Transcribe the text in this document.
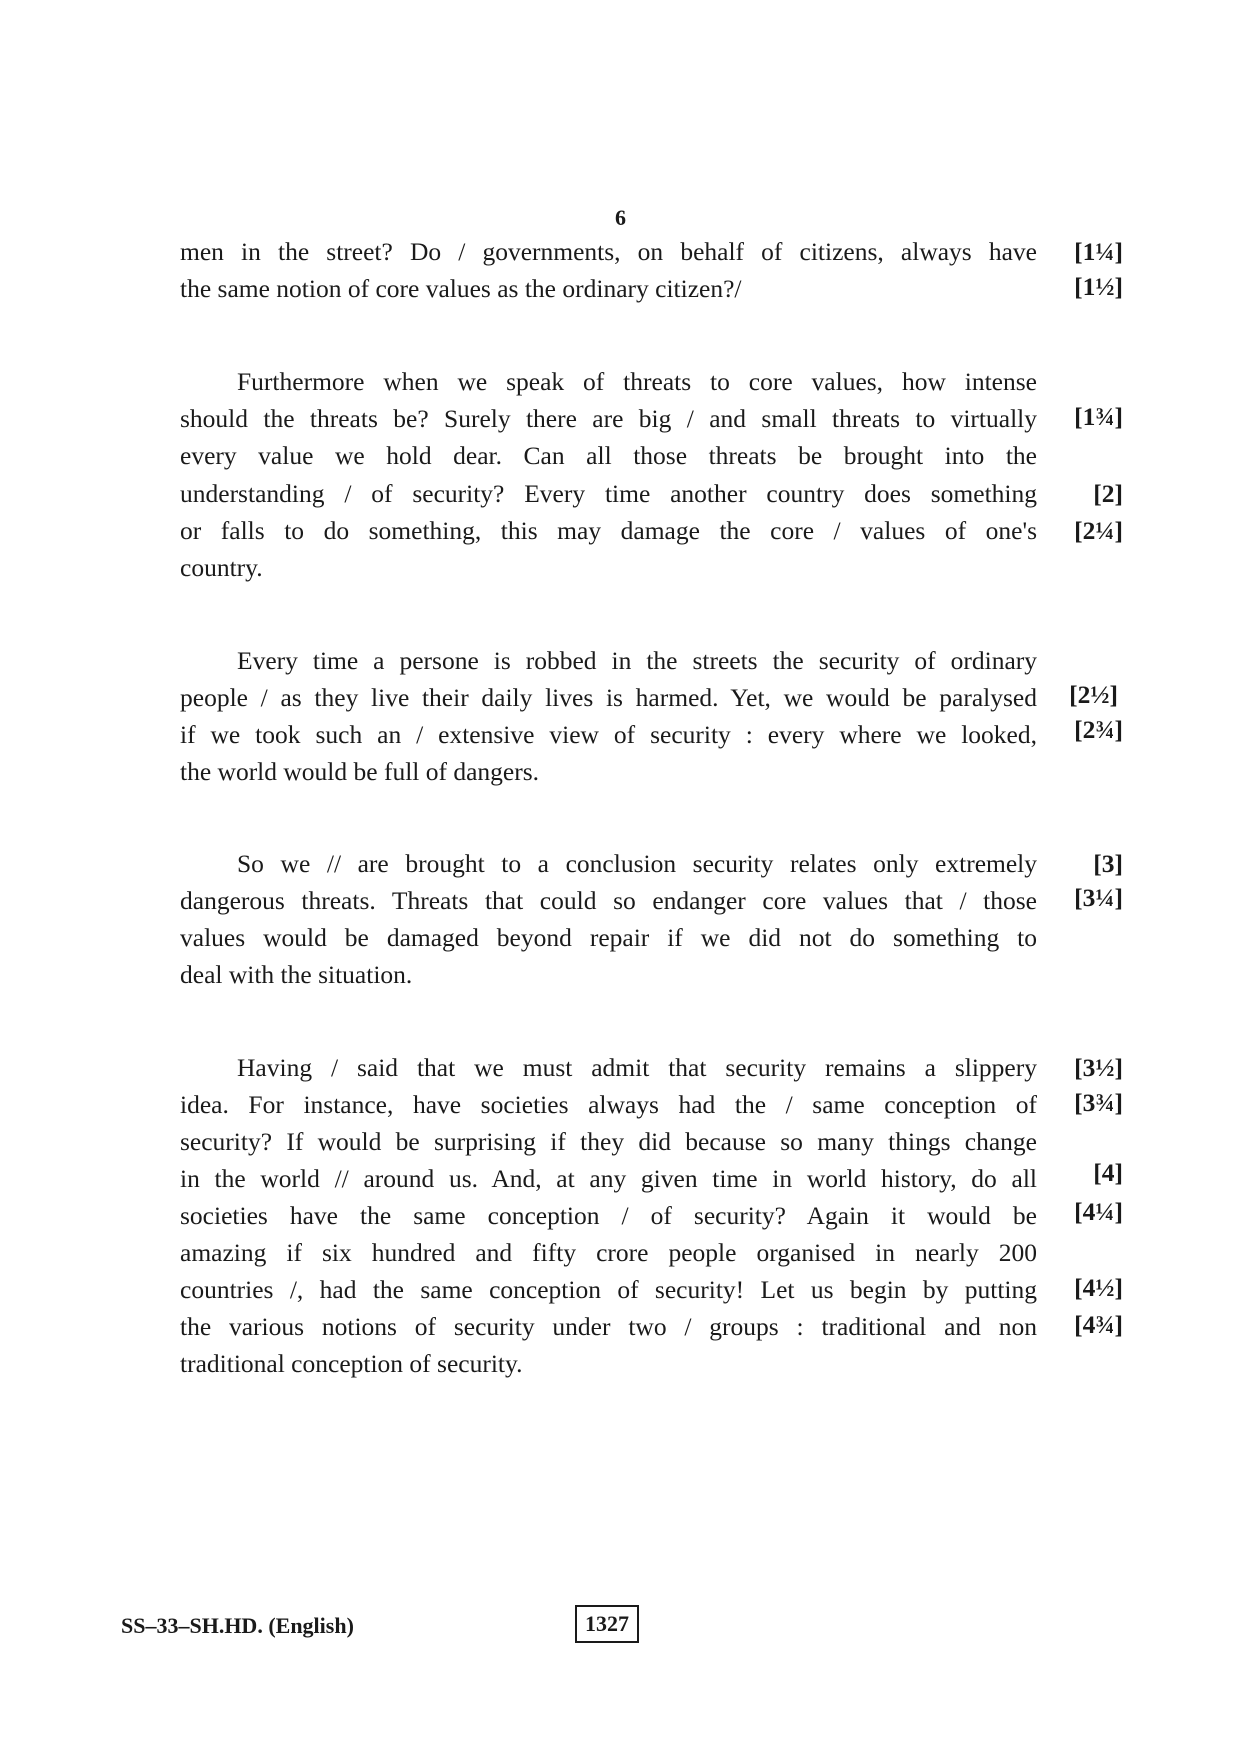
6
men in the street? Do / governments, on behalf of citizens, always have
the same notion of core values as the ordinary citizen?/
Furthermore when we speak of threats to core values, how intense
should the threats be? Surely there are big / and small threats to virtually
every value we hold dear. Can all those threats be brought into the
understanding / of security? Every time another country does something
or falls to do something, this may damage the core / values of one's
country.
Every time a persone is robbed in the streets the security of ordinary
people / as they live their daily lives is harmed. Yet, we would be paralysed
if we took such an / extensive view of security : every where we looked,
the world would be full of dangers.
So we // are brought to a conclusion security relates only extremely
dangerous threats. Threats that could so endanger core values that / those
values would be damaged beyond repair if we did not do something to
deal with the situation.
Having / said that we must admit that security remains a slippery
idea. For instance, have societies always had the / same conception of
security? If would be surprising if they did because so many things change
in the world // around us. And, at any given time in world history, do all
societies have the same conception / of security? Again it would be
amazing if six hundred and fifty crore people organised in nearly 200
countries /, had the same conception of security! Let us begin by putting
the various notions of security under two / groups : traditional and non
traditional conception of security.
[1¼]
[1½]
[1¾]
[2]
[2¼]
[2½]
[2¾]
[3]
[3¼]
[3½]
[3¾]
[4]
[4¼]
[4½]
[4¾]
SS–33–SH.HD. (English)	1327
